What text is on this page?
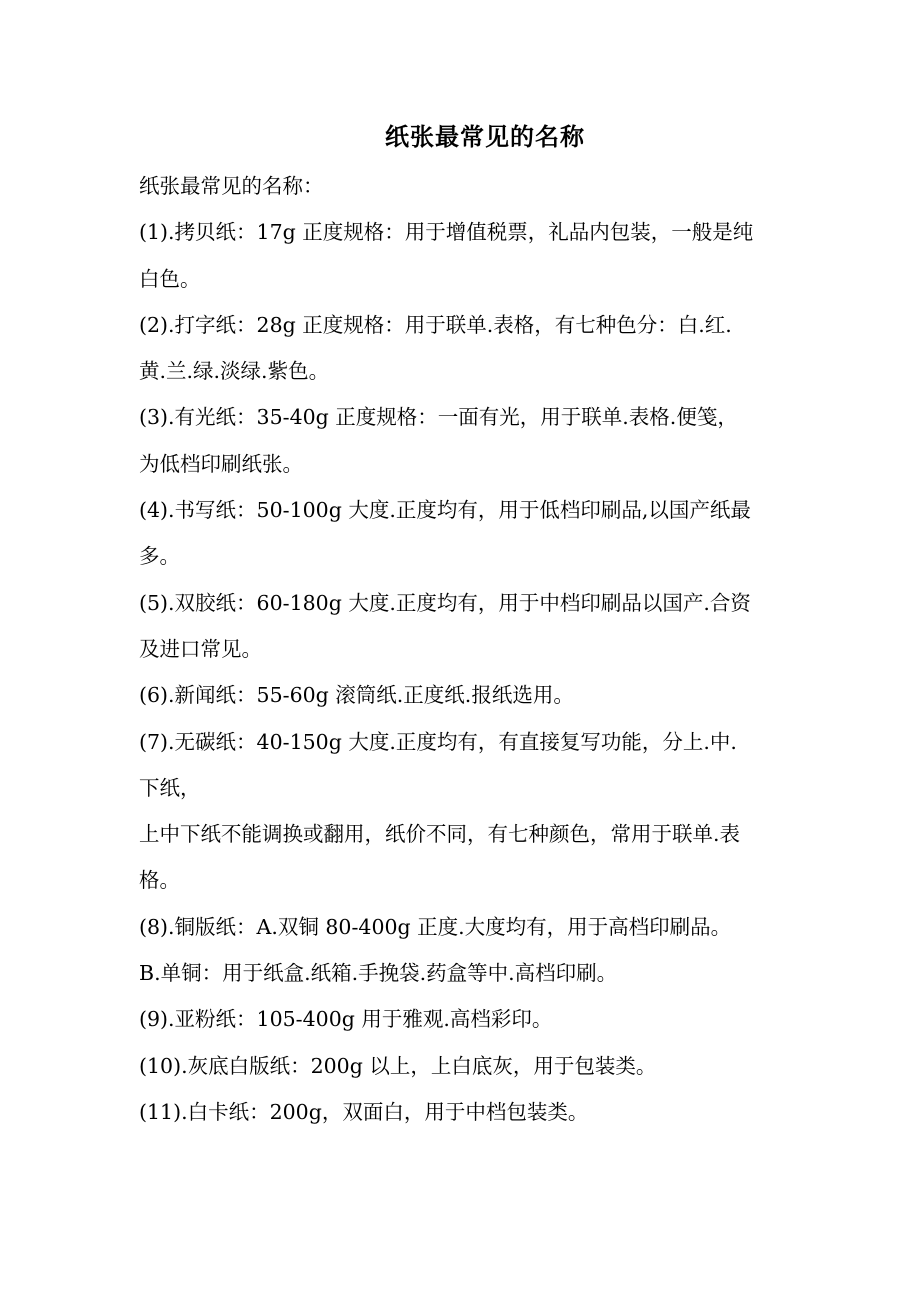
纸张最常见的名称

纸张最常见的名称：

(1).拷贝纸：17g 正度规格：用于增值税票，礼品内包装，一般是纯

白色。

(2).打字纸：28g 正度规格：用于联单.表格，有七种色分：白.红.

黄.兰.绿.淡绿.紫色。

(3).有光纸：35-40g 正度规格：一面有光，用于联单.表格.便笺，

为低档印刷纸张。

(4).书写纸：50-100g 大度.正度均有，用于低档印刷品,以国产纸最

多。

(5).双胶纸：60-180g 大度.正度均有，用于中档印刷品以国产.合资

及进口常见。

(6).新闻纸：55-60g 滚筒纸.正度纸.报纸选用。

(7).无碳纸：40-150g 大度.正度均有，有直接复写功能，分上.中.

下纸，

上中下纸不能调换或翻用，纸价不同，有七种颜色，常用于联单.表

格。

(8).铜版纸：A.双铜 80-400g 正度.大度均有，用于高档印刷品。

B.单铜：用于纸盒.纸箱.手挽袋.药盒等中.高档印刷。

(9).亚粉纸：105-400g 用于雅观.高档彩印。

(10).灰底白版纸：200g 以上，上白底灰，用于包装类。

(11).白卡纸：200g，双面白，用于中档包装类。
